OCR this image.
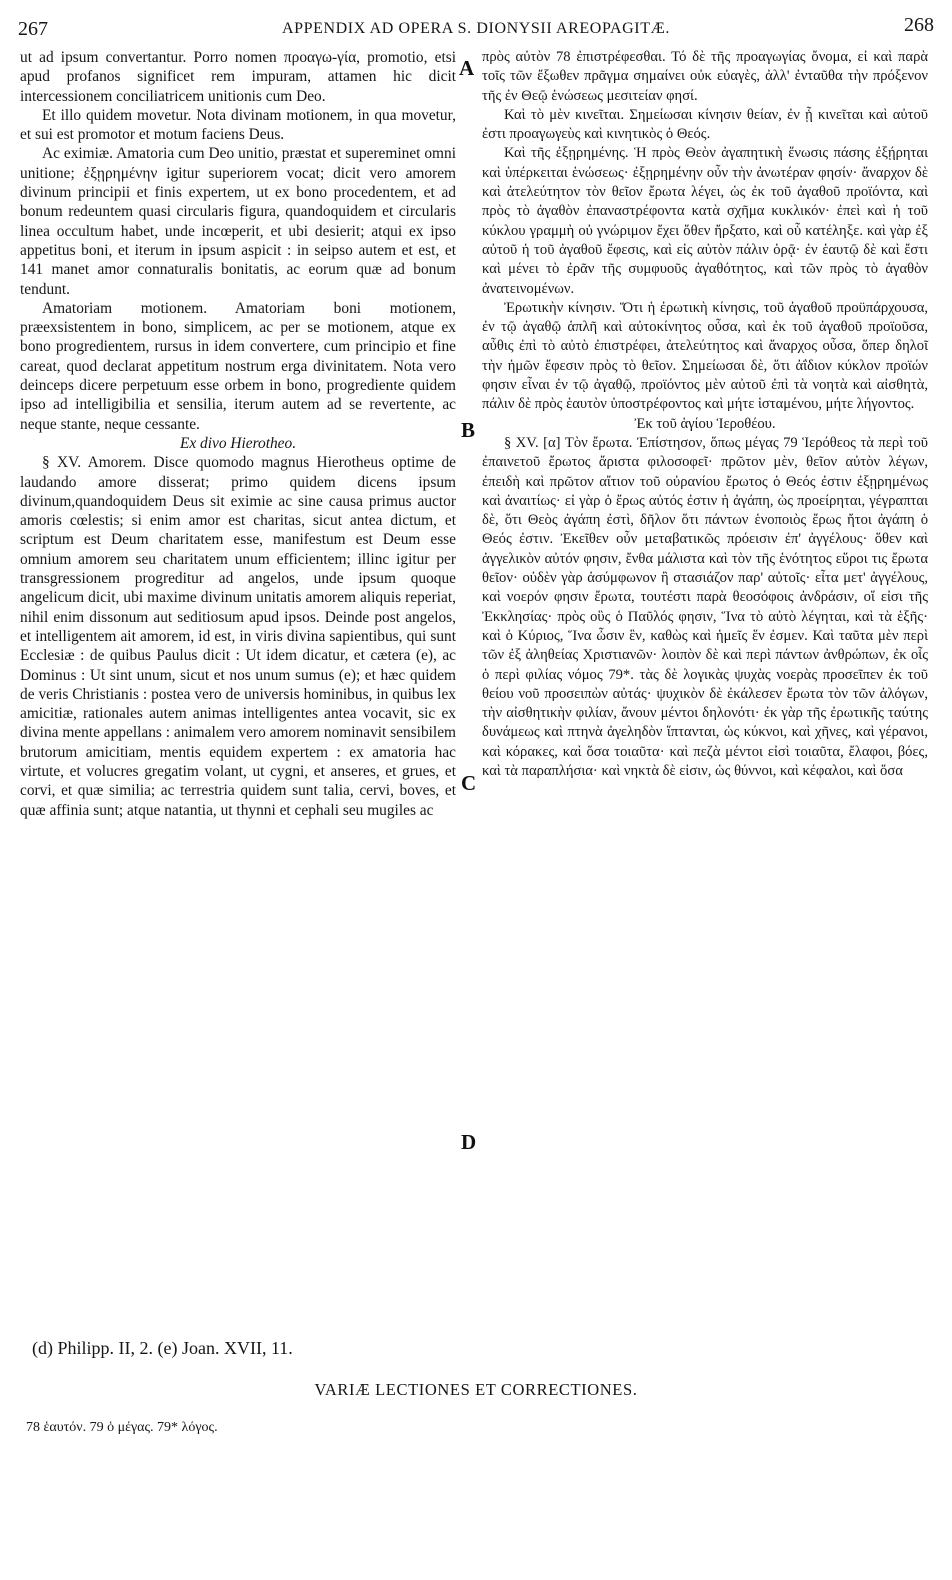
267	APPENDIX AD OPERA S. DIONYSII AREOPAGITÆ.	268

ut ad ipsum convertantur. Porro nomen προαγω-γία, promotio, etsi apud profanos significet rem impuram, attamen hic dicit intercessionem conciliatricem unitionis cum Deo.

Et illo quidem movetur. Nota divinam motionem, in qua movetur, et sui est promotor et motum faciens Deus.

Ac eximiæ. Amatoria cum Deo unitio, præstat et supereminet omni unitione; ἐξῃρημένην igitur superiorem vocat; dicit vero amorem divinum principii et finis expertem, ut ex bono procedentem, et ad bonum redeuntem quasi circularis figura, quandoquidem et circularis linea occultum habet, unde incœperit, et ubi desierit; atqui ex ipso appetitus boni, et iterum in ipsum aspicit : in seipso autem et est, et 141 manet amor connaturalis bonitatis, ac eorum quæ ad bonum tendunt.

Amatoriam motionem. Amatoriam boni motionem, præexsistentem in bono, simplicem, ac per se motionem, atque ex bono progredientem, rursus in idem convertere, cum principio et fine careat, quod declarat appetitum nostrum erga divinitatem. Nota vero deinceps dicere perpetuum esse orbem in bono, progrediente quidem ipso ad intelligibilia et sensilia, iterum autem ad se revertente, ac neque stante, neque cessante.

Ex divo Hierotheo.

§ XV. Amorem. Disce quomodo magnus Hierotheus optime de laudando amore disserat; primo quidem dicens ipsum divinum,quandoquidem Deus sit eximie ac sine causa primus auctor amoris cœlestis; si enim amor est charitas, sicut antea dictum, et scriptum est Deum charitatem esse, manifestum est Deum esse omnium amorem seu charitatem unum efficientem; illinc igitur per transgressionem progreditur ad angelos, unde ipsum quoque angelicum dicit, ubi maxime divinum unitatis amorem aliquis reperiat, nihil enim dissonum aut seditiosum apud ipsos. Deinde post angelos, et intelligentem ait amorem, id est, in viris divina sapientibus, qui sunt Ecclesiæ : de quibus Paulus dicit : Ut idem dicatur, et cætera (e), ac Dominus : Ut sint unum, sicut et nos unum sumus (e); et hæc quidem de veris Christianis : postea vero de universis hominibus, in quibus lex amicitiæ, rationales autem animas intelligentes antea vocavit, sic ex divina mente appellans : animalem vero amorem nominavit sensibilem brutorum amicitiam, mentis equidem expertem : ex amatoria hac virtute, et volucres gregatim volant, ut cygni, et anseres, et grues, et corvi, et quæ similia; ac terrestria quidem sunt talia, cervi, boves, et quæ affinia sunt; atque natantia, ut thynni et cephali seu mugiles ac

πρὸς αὐτὸν 78 ἐπιστρέφεσθαι. Τό δὲ τῆς προαγωγίας ὄνομα, εἰ καὶ παρὰ τοῖς τῶν ἔξωθεν πρᾶγμα σημαίνει οὐκ εὐαγὲς, ἀλλ' ἐνταῦθα τὴν πρόξενον τῆς ἐν Θεῷ ἑνώσεως μεσιτείαν φησί.

Καὶ τὸ μὲν κινεῖται. Σημείωσαι κίνησιν θείαν, ἐν ᾗ κινεῖται καὶ αὐτοῦ ἐστι προαγωγεὺς καὶ κινητικὸς ὁ Θεός.

Καὶ τῆς ἐξῃρημένης. Ἡ πρὸς Θεὸν ἀγαπητικὴ ἕνωσις πάσης ἐξῄρηται καὶ ὑπέρκειται ἑνώσεως· ἐξῃρημένην οὖν τὴν ἀνωτέραν φησίν· ἄναρχον δὲ καὶ ἀτελεύτητον τὸν θεῖον ἔρωτα λέγει, ὡς ἐκ τοῦ ἀγαθοῦ προϊόντα, καὶ πρὸς τὸ ἀγαθὸν ἐπαναστρέφοντα κατὰ σχῆμα κυκλικόν· ἐπεὶ καὶ ἡ τοῦ κύκλου γραμμὴ οὐ γνώριμον ἔχει ὅθεν ἤρξατο, καὶ οὗ κατέληξε. καὶ γὰρ ἐξ αὐτοῦ ἡ τοῦ ἀγαθοῦ ἔφεσις, καὶ εἰς αὐτὸν πάλιν ὁρᾷ· ἐν ἑαυτῷ δὲ καὶ ἔστι καὶ μένει τὸ ἐρᾶν τῆς συμφυοῦς ἀγαθότητος, καὶ τῶν πρὸς τὸ ἀγαθὸν ἀνατεινομένων.

Ἐρωτικὴν κίνησιν. Ὅτι ἡ ἐρωτικὴ κίνησις, τοῦ ἀγαθοῦ προϋπάρχουσα, ἐν τῷ ἀγαθῷ ἁπλῆ καὶ αὐτοκίνητος οὖσα, καὶ ἐκ τοῦ ἀγαθοῦ προϊοῦσα, αὖθις ἐπὶ τὸ αὐτὸ ἐπιστρέφει, ἀτελεύτητος καὶ ἄναρχος οὖσα, ὅπερ δηλοῖ τὴν ἡμῶν ἔφεσιν πρὸς τὸ θεῖον. Σημείωσαι δὲ, ὅτι ἀΐδιον κύκλον προϊών φησιν εἶναι ἐν τῷ ἀγαθῷ, προϊόντος μὲν αὐτοῦ ἐπὶ τὰ νοητὰ καὶ αἰσθητὰ, πάλιν δὲ πρὸς ἑαυτὸν ὑποστρέφοντος καὶ μήτε ἱσταμένου, μήτε λήγοντος.

Ἐκ τοῦ ἁγίου Ἱεροθέου.

§ XV. [α] Τὸν ἔρωτα. Ἐπίστησον, ὅπως μέγας 79 Ἱερόθεος τὰ περὶ τοῦ ἐπαινετοῦ ἔρωτος ἄριστα φιλοσοφεῖ· πρῶτον μὲν, θεῖον αὐτὸν λέγων, ἐπειδὴ καὶ πρῶτον αἴτιον τοῦ οὐρανίου ἔρωτος ὁ Θεός ἐστιν ἐξῃρημένως καὶ ἀναιτίως· εἰ γὰρ ὁ ἔρως αὐτός ἐστιν ἡ ἀγάπη, ὡς προείρηται, γέγραπται δὲ, ὅτι Θεὸς ἀγάπη ἐστὶ, δῆλον ὅτι πάντων ἑνοποιὸς ἔρως ἤτοι ἀγάπη ὁ Θεός ἐστιν. Ἐκεῖθεν οὖν μεταβατικῶς πρόεισιν ἐπ' ἀγγέλους· ὅθεν καὶ ἀγγελικὸν αὐτόν φησιν, ἔνθα μάλιστα καὶ τὸν τῆς ἑνότητος εὕροι τις ἔρωτα θεῖον· οὐδὲν γὰρ ἀσύμφωνον ἢ στασιάζον παρ' αὐτοῖς· εἶτα μετ' ἀγγέλους, καὶ νοερόν φησιν ἔρωτα, τουτέστι παρὰ θεοσόφοις ἀνδράσιν, οἵ εἰσι τῆς Ἐκκλησίας· πρὸς οὓς ὁ Παῦλός φησιν, Ἵνα τὸ αὐτὸ λέγηται, καὶ τὰ ἑξῆς· καὶ ὁ Κύριος, Ἵνα ὦσιν ἓν, καθὼς καὶ ἡμεῖς ἕν ἐσμεν. Καὶ ταῦτα μὲν περὶ τῶν ἐξ ἀληθείας Χριστιανῶν· λοιπὸν δὲ καὶ περὶ πάντων ἀνθρώπων, ἐκ οἷς ὁ περὶ φιλίας νόμος 79*. τὰς δὲ λογικὰς ψυχὰς νοερὰς προσεῖπεν ἐκ τοῦ θείου νοῦ προσειπὼν αὐτάς· ψυχικὸν δὲ ἐκάλεσεν ἔρωτα τὸν τῶν ἀλόγων, τὴν αἰσθητικὴν φιλίαν, ἄνουν μέντοι δηλονότι· ἐκ γὰρ τῆς ἐρωτικῆς ταύτης δυνάμεως καὶ πτηνὰ ἀγεληδὸν ἵπτανται, ὡς κύκνοι, καὶ χῆνες, καὶ γέρανοι, καὶ κόρακες, καὶ ὅσα τοιαῦτα· καὶ πεζὰ μέντοι εἰσὶ τοιαῦτα, ἔλαφοι, βόες, καὶ τὰ παραπλήσια· καὶ νηκτὰ δὲ εἰσιν, ὡς θύννοι, καὶ κέφαλοι, καὶ ὅσα

A
B
C
D
(d) Philipp. II, 2. (e) Joan. XVII, 11.
VARIÆ LECTIONES ET CORRECTIONES.
78 ἑαυτόν. 79 ὁ μέγας. 79* λόγος.
